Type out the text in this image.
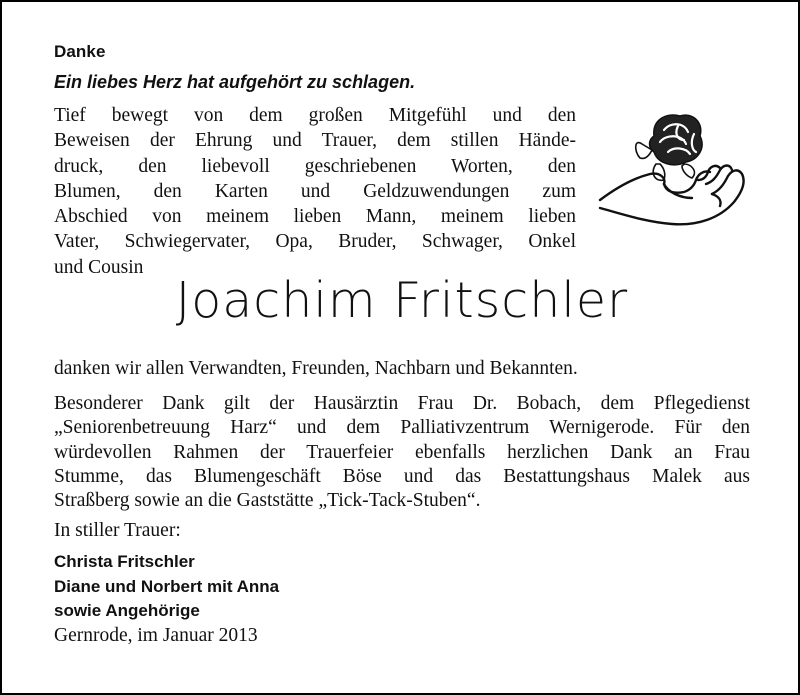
Danke
Ein liebes Herz hat aufgehört zu schlagen.
Tief bewegt von dem großen Mitgefühl und den
Beweisen der Ehrung und Trauer, dem stillen Hände-
druck, den liebevoll geschriebenen Worten, den
Blumen, den Karten und Geldzuwendungen zum
Abschied von meinem lieben Mann, meinem lieben
Vater, Schwiegervater, Opa, Bruder, Schwager, Onkel
und Cousin
Joachim Fritschler
danken wir allen Verwandten, Freunden, Nachbarn und Bekannten.
Besonderer Dank gilt der Hausärztin Frau Dr. Bobach, dem Pflegedienst
„Seniorenbetreuung Harz“ und dem Palliativzentrum Wernigerode. Für den
würdevollen Rahmen der Trauerfeier ebenfalls herzlichen Dank an Frau
Stumme, das Blumengeschäft Böse und das Bestattungshaus Malek aus
Straßberg sowie an die Gaststätte „Tick-Tack-Stuben“.
In stiller Trauer:
Christa Fritschler
Diane und Norbert mit Anna
sowie Angehörige
Gernrode, im Januar 2013
